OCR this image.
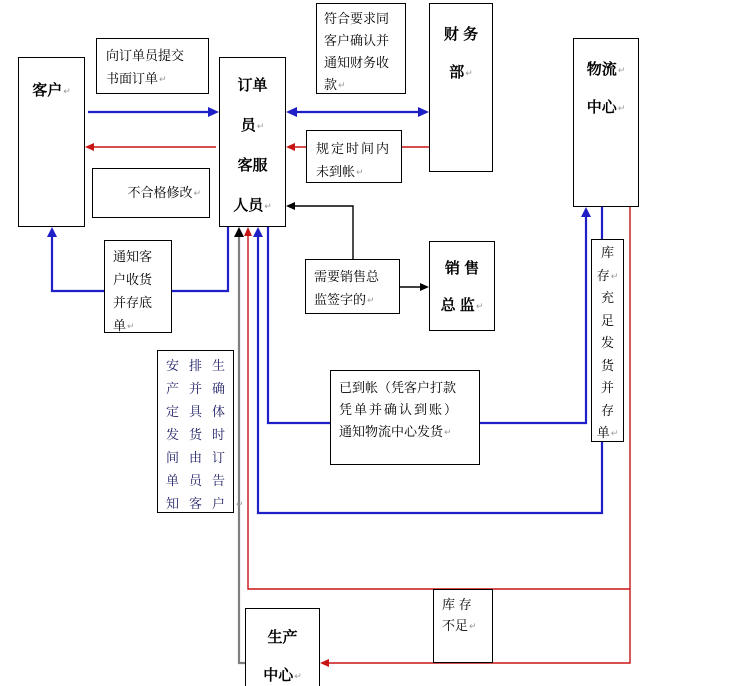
客户↵	订单
员↵
客服
人员↵
财 务
部↵	物流↵
中心↵
销 售
总 监↵
生产
中心↵
向订单员提交
书面订单↵
符合要求同
客户确认并
通知财务收
款↵
规定时间内
未到帐↵
不合格修改↵
通知客
户收货
并存底
单↵
需要销售总
监签字的↵
已到帐（凭客户打款
凭单并确认到账）
通知物流中心发货↵
安排生
产并确
定具体
发货时
间由订
单员告
知客户↵
库
存↵
充
足
发
货
并
存
单↵
库 存
不足↵
